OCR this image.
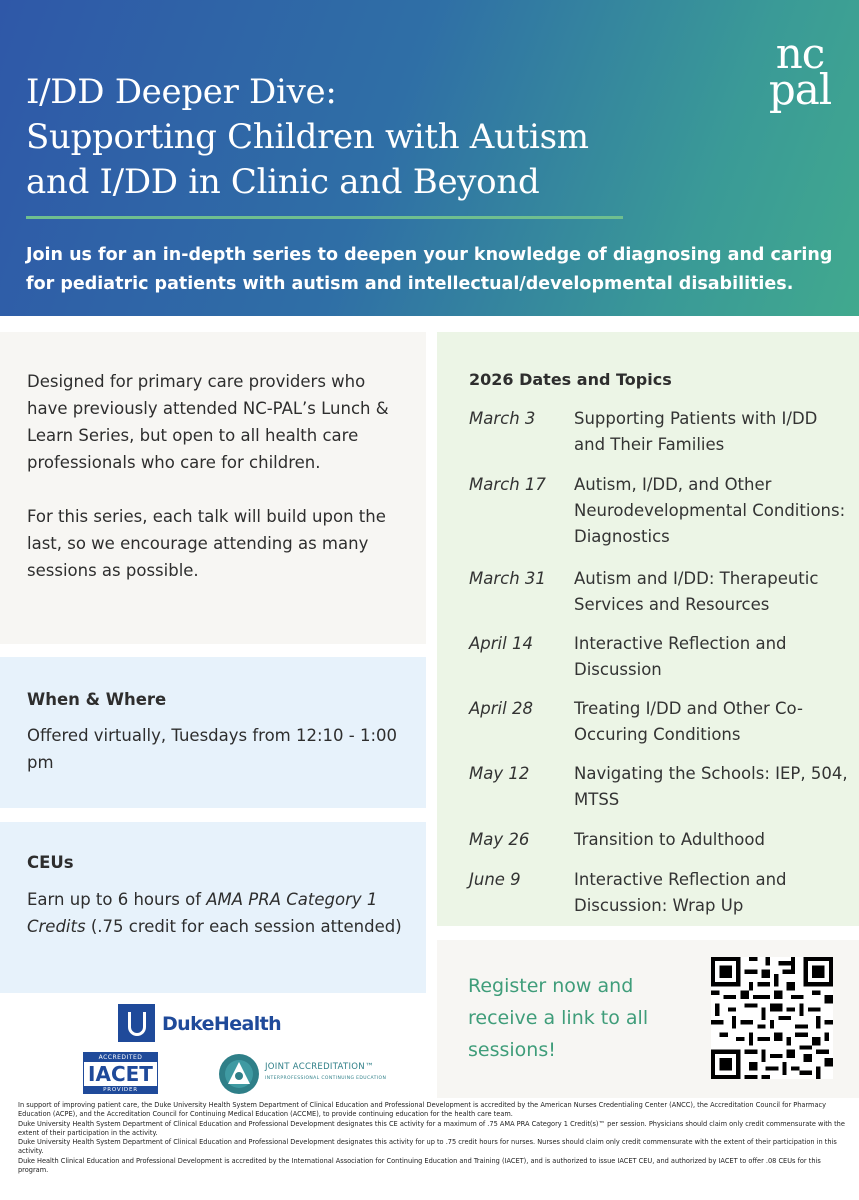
I/DD Deeper Dive:
Supporting Children with Autism
and I/DD in Clinic and Beyond

Join us for an in-depth series to deepen your knowledge of diagnosing and caring for pediatric patients with autism and intellectual/developmental disabilities.

nc
pal

Designed for primary care providers who have previously attended NC-PAL’s Lunch & Learn Series, but open to all health care professionals who care for children.

For this series, each talk will build upon the last, so we encourage attending as many sessions as possible.

When & Where
Offered virtually, Tuesdays from 12:10 - 1:00 pm
CEUs
Earn up to 6 hours of AMA PRA Category 1 Credits (.75 credit for each session attended)
2026 Dates and Topics
March 3	Supporting Patients with I/DD and Their Families
March 17	Autism, I/DD, and Other Neurodevelopmental Conditions: Diagnostics
March 31	Autism and I/DD: Therapeutic Services and Resources
April 14	Interactive Reflection and Discussion
April 28	Treating I/DD and Other Co-Occuring Conditions
May 12	Navigating the Schools: IEP, 504, MTSS
May 26	Transition to Adulthood
June 9	Interactive Reflection and Discussion: Wrap Up
Register now and receive a link to all sessions!
DukeHealth
ACCREDITED
IACET
PROVIDER
JOINT ACCREDITATION™
INTERPROFESSIONAL CONTINUING EDUCATION

In support of improving patient care, the Duke University Health System Department of Clinical Education and Professional Development is accredited by the American Nurses Credentialing Center (ANCC), the Accreditation Council for Pharmacy Education (ACPE), and the Accreditation Council for Continuing Medical Education (ACCME), to provide continuing education for the health care team.

Duke University Health System Department of Clinical Education and Professional Development designates this CE activity for a maximum of .75 AMA PRA Category 1 Credit(s)™ per session. Physicians should claim only credit commensurate with the extent of their participation in the activity.

Duke University Health System Department of Clinical Education and Professional Development designates this activity for up to .75 credit hours for nurses. Nurses should claim only credit commensurate with the extent of their participation in this activity.

Duke Health Clinical Education and Professional Development is accredited by the International Association for Continuing Education and Training (IACET), and is authorized to issue IACET CEU, and authorized by IACET to offer .08 CEUs for this program.
